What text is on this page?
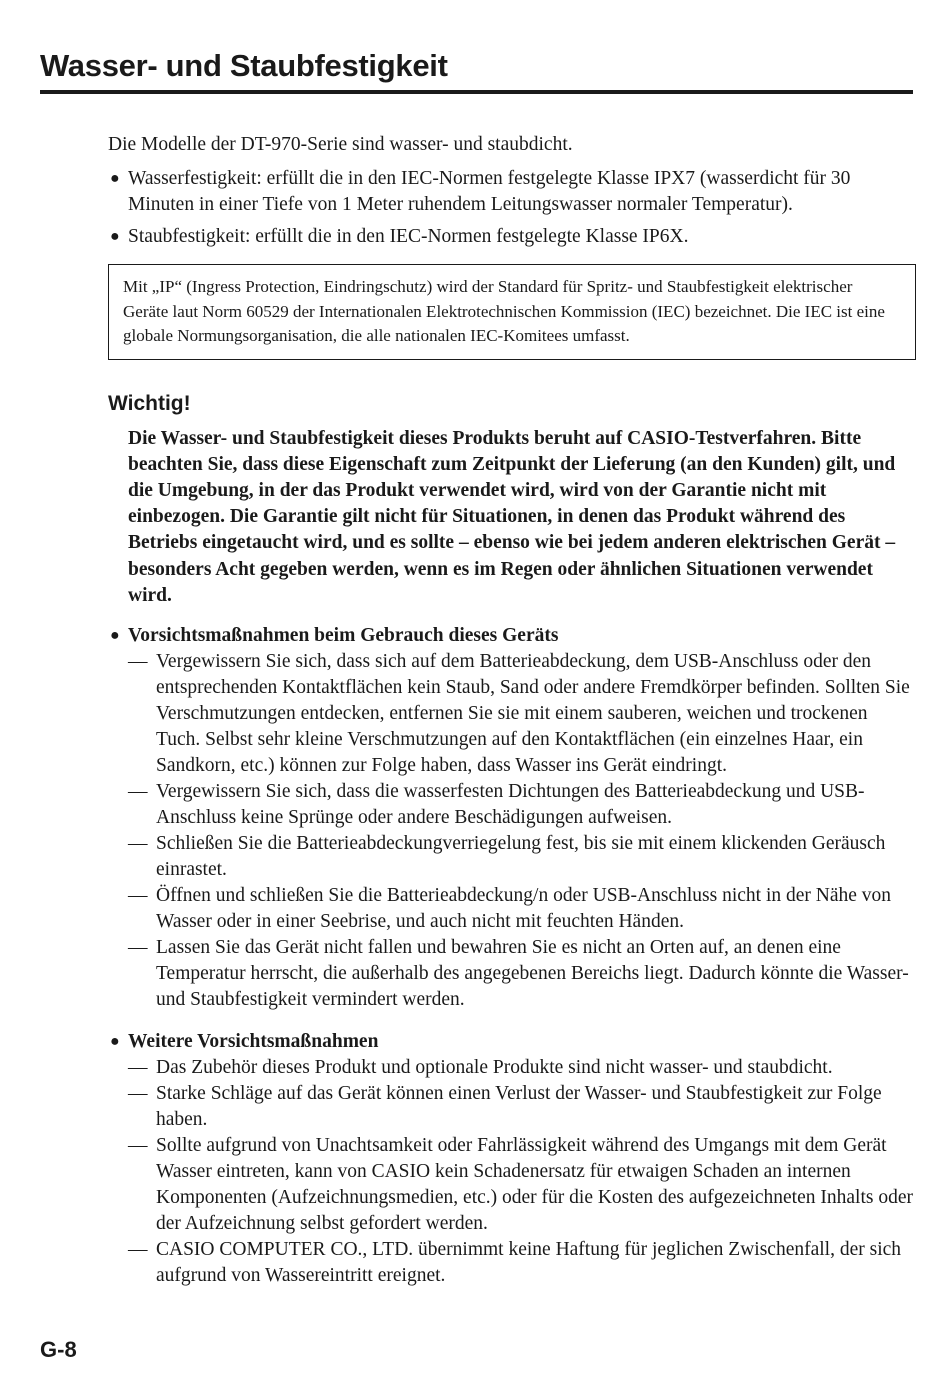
Wasser- und Staubfestigkeit

Die Modelle der DT-970-Serie sind wasser- und staubdicht.

● Wasserfestigkeit: erfüllt die in den IEC-Normen festgelegte Klasse IPX7 (wasserdicht für 30 Minuten in einer Tiefe von 1 Meter ruhendem Leitungswasser normaler Temperatur).
● Staubfestigkeit: erfüllt die in den IEC-Normen festgelegte Klasse IP6X.
Mit „IP“ (Ingress Protection, Eindringschutz) wird der Standard für Spritz- und Staubfestigkeit elektrischer Geräte laut Norm 60529 der Internationalen Elektrotechnischen Kommission (IEC) bezeichnet. Die IEC ist eine globale Normungsorganisation, die alle nationalen IEC-Komitees umfasst.
Wichtig!
Die Wasser- und Staubfestigkeit dieses Produkts beruht auf CASIO-Testverfahren. Bitte beachten Sie, dass diese Eigenschaft zum Zeitpunkt der Lieferung (an den Kunden) gilt, und die Umgebung, in der das Produkt verwendet wird, wird von der Garantie nicht mit einbezogen. Die Garantie gilt nicht für Situationen, in denen das Produkt während des Betriebs eingetaucht wird, und es sollte – ebenso wie bei jedem anderen elektrischen Gerät – besonders Acht gegeben werden, wenn es im Regen oder ähnlichen Situationen verwendet wird.
● Vorsichtsmaßnahmen beim Gebrauch dieses Geräts
— Vergewissern Sie sich, dass sich auf dem Batterieabdeckung, dem USB-Anschluss oder den entsprechenden Kontaktflächen kein Staub, Sand oder andere Fremdkörper befinden. Sollten Sie Verschmutzungen entdecken, entfernen Sie sie mit einem sauberen, weichen und trockenen Tuch. Selbst sehr kleine Verschmutzungen auf den Kontaktflächen (ein einzelnes Haar, ein Sandkorn, etc.) können zur Folge haben, dass Wasser ins Gerät eindringt.
— Vergewissern Sie sich, dass die wasserfesten Dichtungen des Batterieabdeckung und USB-Anschluss keine Sprünge oder andere Beschädigungen aufweisen.
— Schließen Sie die Batterieabdeckungverriegelung fest, bis sie mit einem klickenden Geräusch einrastet.
— Öffnen und schließen Sie die Batterieabdeckung/n oder USB-Anschluss nicht in der Nähe von Wasser oder in einer Seebrise, und auch nicht mit feuchten Händen.
— Lassen Sie das Gerät nicht fallen und bewahren Sie es nicht an Orten auf, an denen eine Temperatur herrscht, die außerhalb des angegebenen Bereichs liegt. Dadurch könnte die Wasser- und Staubfestigkeit vermindert werden.
● Weitere Vorsichtsmaßnahmen
— Das Zubehör dieses Produkt und optionale Produkte sind nicht wasser- und staubdicht.
— Starke Schläge auf das Gerät können einen Verlust der Wasser- und Staubfestigkeit zur Folge haben.
— Sollte aufgrund von Unachtsamkeit oder Fahrlässigkeit während des Umgangs mit dem Gerät Wasser eintreten, kann von CASIO kein Schadenersatz für etwaigen Schaden an internen Komponenten (Aufzeichnungsmedien, etc.) oder für die Kosten des aufgezeichneten Inhalts oder der Aufzeichnung selbst gefordert werden.
— CASIO COMPUTER CO., LTD. übernimmt keine Haftung für jeglichen Zwischenfall, der sich aufgrund von Wassereintritt ereignet.
G-8
